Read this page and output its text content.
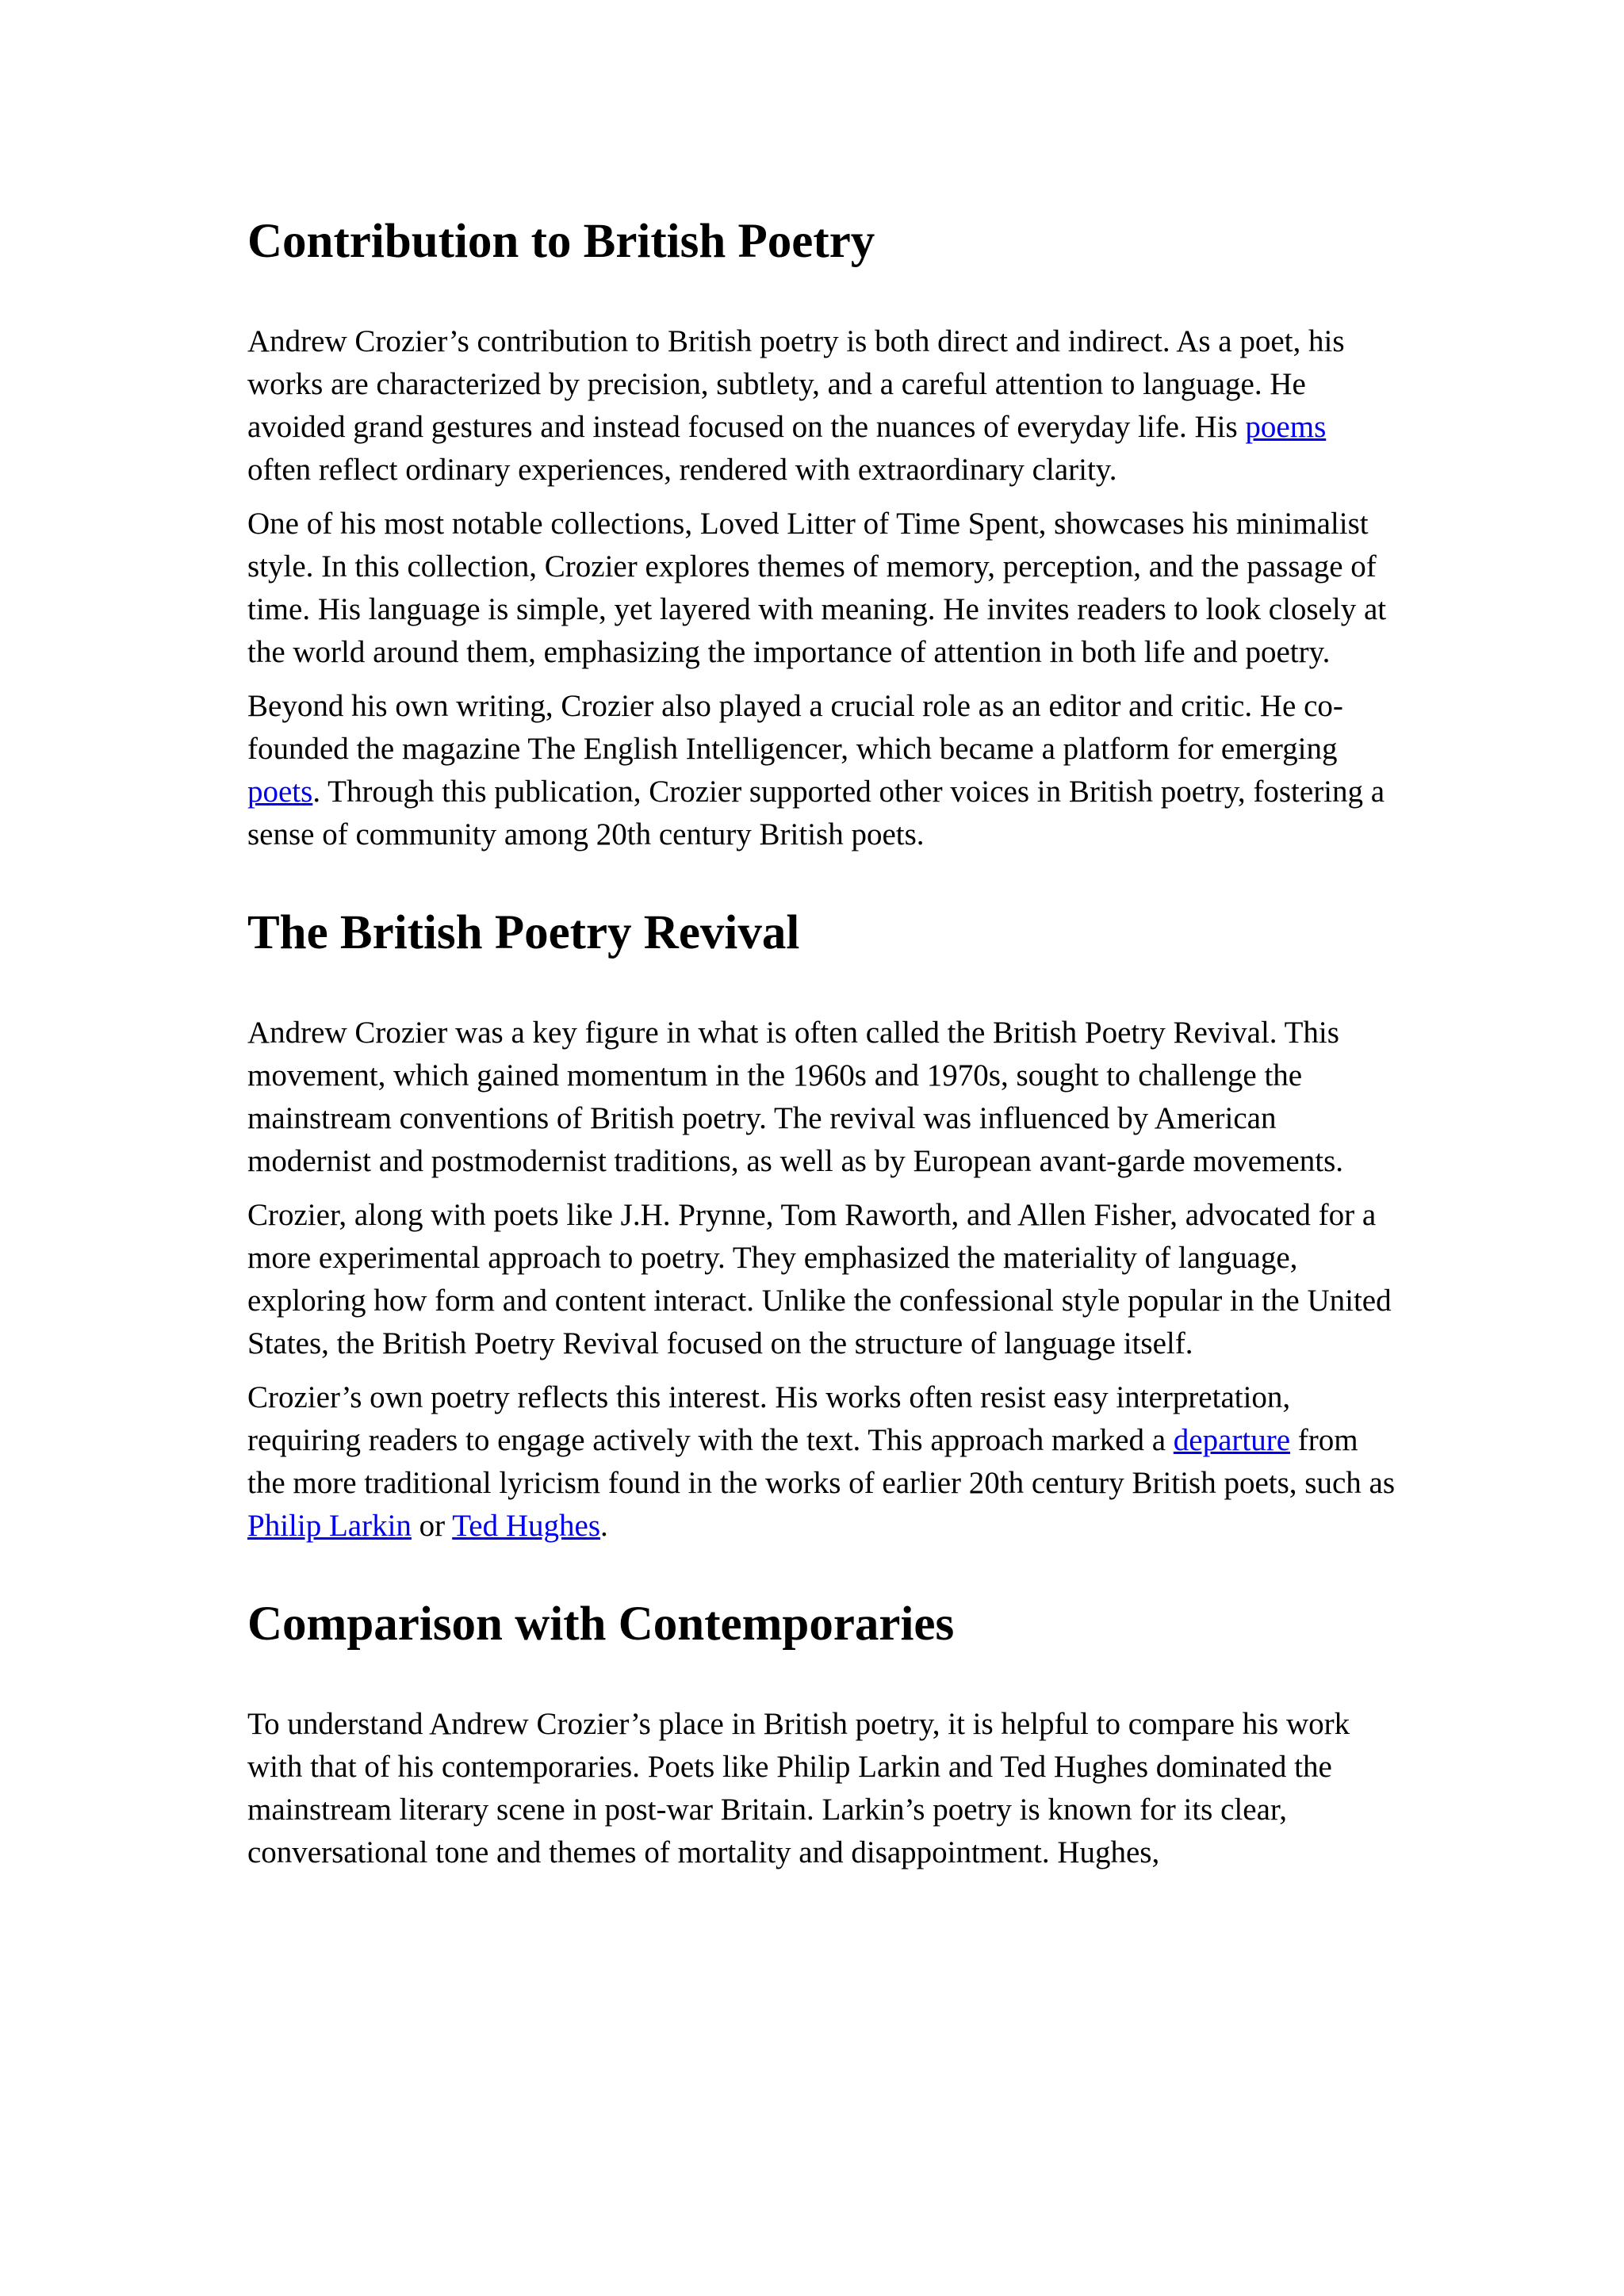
Contribution to British Poetry

Andrew Crozier’s contribution to British poetry is both direct and indirect. As a poet, his works are characterized by precision, subtlety, and a careful attention to language. He avoided grand gestures and instead focused on the nuances of everyday life. His poems often reflect ordinary experiences, rendered with extraordinary clarity.

One of his most notable collections, Loved Litter of Time Spent, showcases his minimalist style. In this collection, Crozier explores themes of memory, perception, and the passage of time. His language is simple, yet layered with meaning. He invites readers to look closely at the world around them, emphasizing the importance of attention in both life and poetry.

Beyond his own writing, Crozier also played a crucial role as an editor and critic. He co-founded the magazine The English Intelligencer, which became a platform for emerging poets. Through this publication, Crozier supported other voices in British poetry, fostering a sense of community among 20th century British poets.

The British Poetry Revival

Andrew Crozier was a key figure in what is often called the British Poetry Revival. This movement, which gained momentum in the 1960s and 1970s, sought to challenge the mainstream conventions of British poetry. The revival was influenced by American modernist and postmodernist traditions, as well as by European avant-garde movements.

Crozier, along with poets like J.H. Prynne, Tom Raworth, and Allen Fisher, advocated for a more experimental approach to poetry. They emphasized the materiality of language, exploring how form and content interact. Unlike the confessional style popular in the United States, the British Poetry Revival focused on the structure of language itself.

Crozier’s own poetry reflects this interest. His works often resist easy interpretation, requiring readers to engage actively with the text. This approach marked a departure from the more traditional lyricism found in the works of earlier 20th century British poets, such as Philip Larkin or Ted Hughes.

Comparison with Contemporaries

To understand Andrew Crozier’s place in British poetry, it is helpful to compare his work with that of his contemporaries. Poets like Philip Larkin and Ted Hughes dominated the mainstream literary scene in post-war Britain. Larkin’s poetry is known for its clear, conversational tone and themes of mortality and disappointment. Hughes,
